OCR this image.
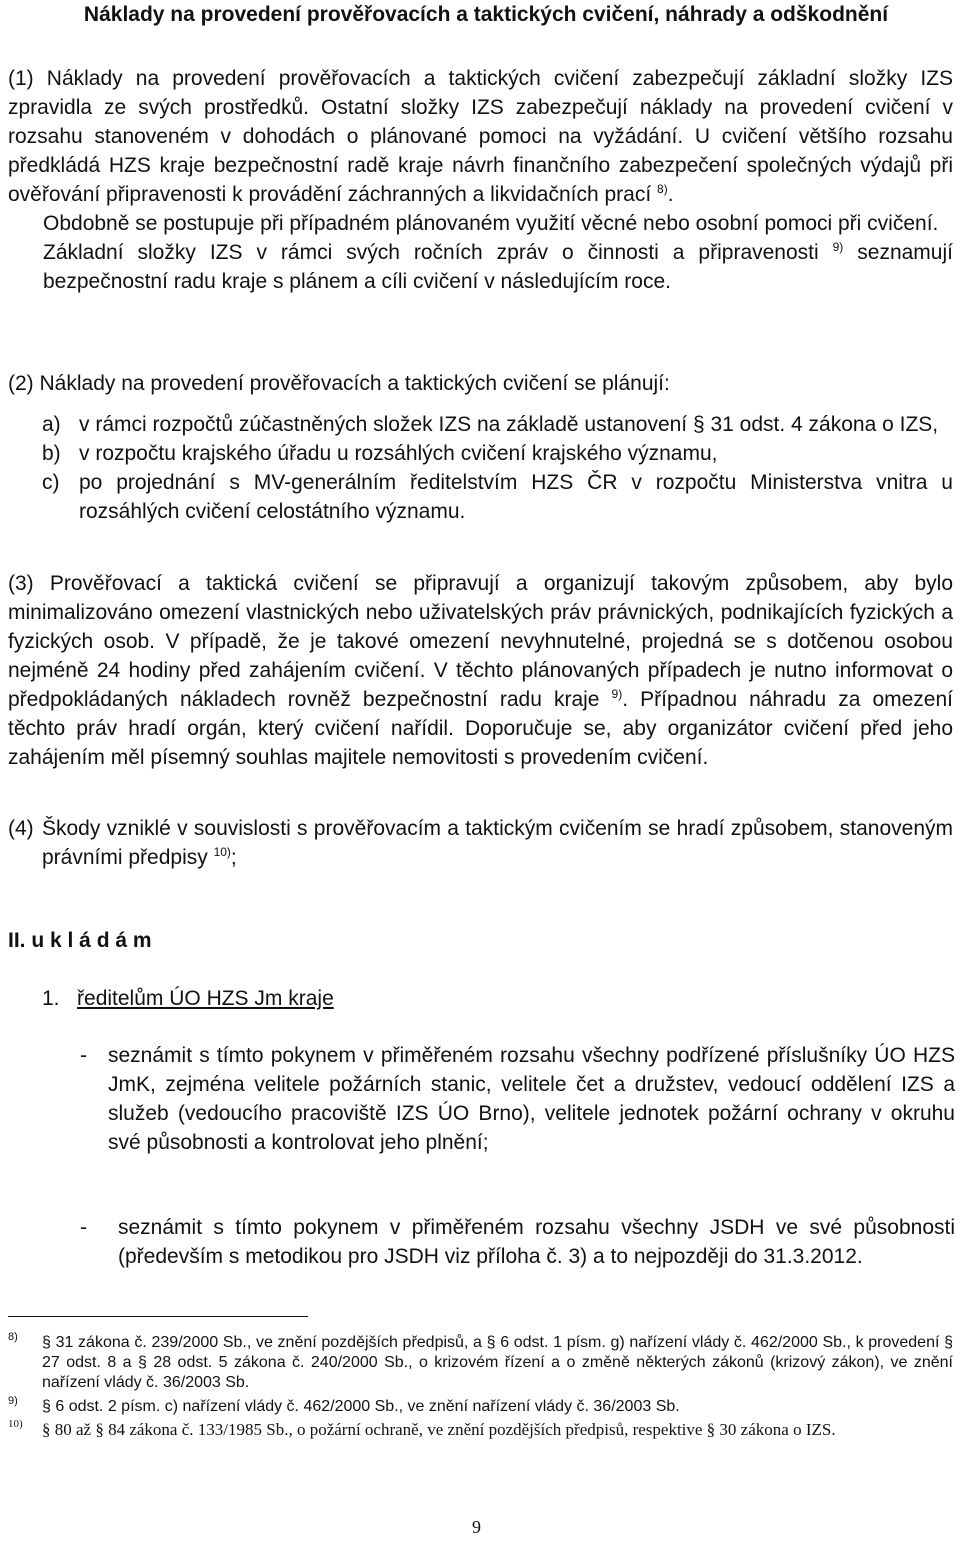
Náklady na provedení prověřovacích a taktických cvičení, náhrady a odškodnění
(1) Náklady na provedení prověřovacích a taktických cvičení zabezpečují základní složky IZS zpravidla ze svých prostředků. Ostatní složky IZS zabezpečují náklady na provedení cvičení v rozsahu stanoveném v dohodách o plánované pomoci na vyžádání. U cvičení většího rozsahu předkládá HZS kraje bezpečnostní radě kraje návrh finančního zabezpečení společných výdajů při ověřování připravenosti k provádění záchranných a likvidačních prací $^{8)}$.
Obdobně se postupuje při případném plánovaném využití věcné nebo osobní pomoci při cvičení.
Základní složky IZS v rámci svých ročních zpráv o činnosti a připravenosti $^{9)}$ seznamují bezpečnostní radu kraje s plánem a cíli cvičení v následujícím roce.
(2) Náklady na provedení prověřovacích a taktických cvičení se plánují:
a) v rámci rozpočtů zúčastněných složek IZS na základě ustanovení § 31 odst. 4 zákona o IZS,
b) v rozpočtu krajského úřadu u rozsáhlých cvičení krajského významu,
c) po projednání s MV-generálním ředitelstvím HZS ČR v rozpočtu Ministerstva vnitra u rozsáhlých cvičení celostátního významu.
(3) Prověřovací a taktická cvičení se připravují a organizují takovým způsobem, aby bylo minimalizováno omezení vlastnických nebo uživatelských práv právnických, podnikajících fyzických a fyzických osob. V případě, že je takové omezení nevyhnutelné, projedná se s dotčenou osobou nejméně 24 hodiny před zahájením cvičení. V těchto plánovaných případech je nutno informovat o předpokládaných nákladech rovněž bezpečnostní radu kraje $^{9)}$. Případnou náhradu za omezení těchto práv hradí orgán, který cvičení nařídil. Doporučuje se, aby organizátor cvičení před jeho zahájením měl písemný souhlas majitele nemovitosti s provedením cvičení.
(4) Škody vzniklé v souvislosti s prověřovacím a taktickým cvičením se hradí způsobem, stanoveným právními předpisy $^{10)}$;
II. u k l á d á m
1. ředitelům ÚO HZS Jm kraje
-	seznámit s tímto pokynem v přiměřeném rozsahu všechny podřízené příslušníky ÚO HZS JmK, zejména velitele požárních stanic, velitele čet a družstev, vedoucí oddělení IZS a služeb (vedoucího pracoviště IZS ÚO Brno), velitele jednotek požární ochrany v okruhu své působnosti a kontrolovat jeho plnění;
-	seznámit s tímto pokynem v přiměřeném rozsahu všechny JSDH ve své působnosti (především s metodikou pro JSDH viz příloha č. 3) a to nejpozději do 31.3.2012.
8)	§ 31 zákona č. 239/2000 Sb., ve znění pozdějších předpisů, a § 6 odst. 1 písm. g) nařízení vlády č. 462/2000 Sb., k provedení § 27 odst. 8 a § 28 odst. 5 zákona č. 240/2000 Sb., o krizovém řízení a o změně některých zákonů (krizový zákon), ve znění nařízení vlády č. 36/2003 Sb.
9)	§ 6 odst. 2 písm. c) nařízení vlády č. 462/2000 Sb., ve znění nařízení vlády č. 36/2003 Sb.
10)	§ 80 až § 84 zákona č. 133/1985 Sb., o požární ochraně, ve znění pozdějších předpisů, respektive § 30 zákona o IZS.
9
